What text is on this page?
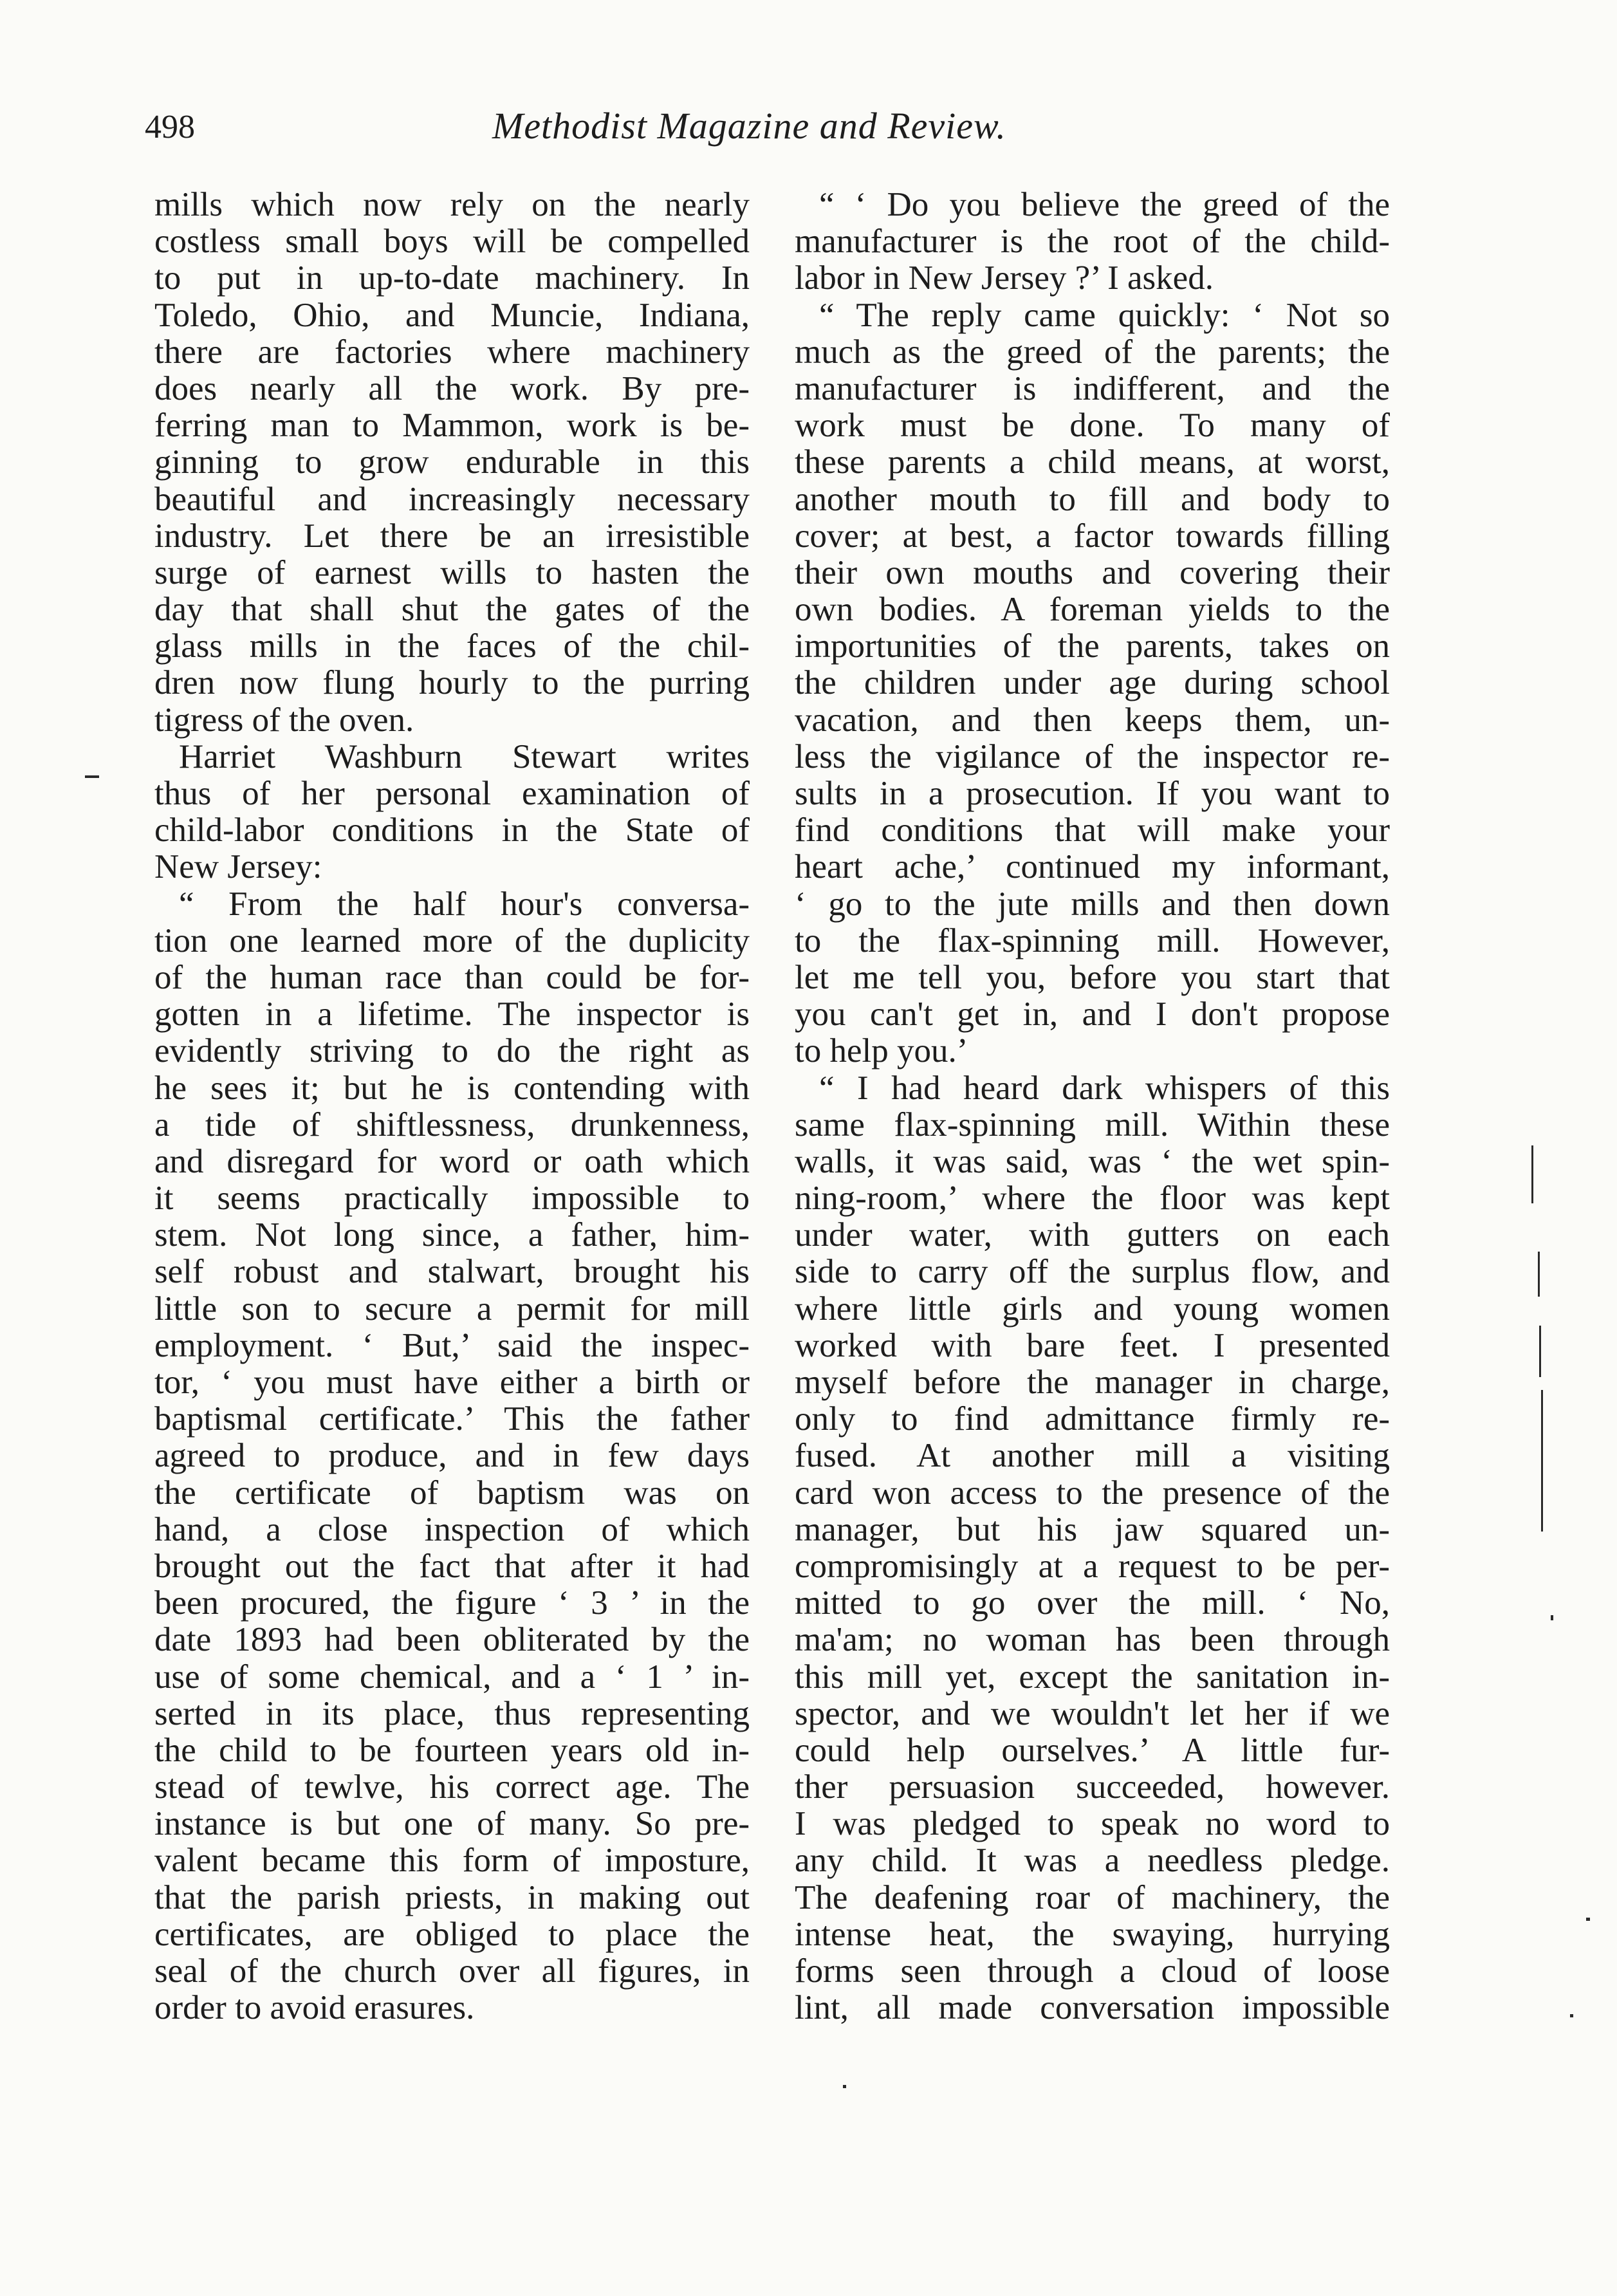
498	Methodist Magazine and Review.
mills which now rely on the nearly
costless small boys will be compelled
to put in up-to-date machinery. In
Toledo, Ohio, and Muncie, Indiana,
there are factories where machinery
does nearly all the work. By pre-
ferring man to Mammon, work is be-
ginning to grow endurable in this
beautiful and increasingly necessary
industry. Let there be an irresistible
surge of earnest wills to hasten the
day that shall shut the gates of the
glass mills in the faces of the chil-
dren now flung hourly to the purring
tigress of the oven.
Harriet Washburn Stewart writes
thus of her personal examination of
child-labor conditions in the State of
New Jersey:
“ From the half hour's conversa-
tion one learned more of the duplicity
of the human race than could be for-
gotten in a lifetime. The inspector is
evidently striving to do the right as
he sees it; but he is contending with
a tide of shiftlessness, drunkenness,
and disregard for word or oath which
it seems practically impossible to
stem. Not long since, a father, him-
self robust and stalwart, brought his
little son to secure a permit for mill
employment. ‘ But,’ said the inspec-
tor, ‘ you must have either a birth or
baptismal certificate.’ This the father
agreed to produce, and in few days
the certificate of baptism was on
hand, a close inspection of which
brought out the fact that after it had
been procured, the figure ‘ 3 ’ in the
date 1893 had been obliterated by the
use of some chemical, and a ‘ 1 ’ in-
serted in its place, thus representing
the child to be fourteen years old in-
stead of tewlve, his correct age. The
instance is but one of many. So pre-
valent became this form of imposture,
that the parish priests, in making out
certificates, are obliged to place the
seal of the church over all figures, in
order to avoid erasures.
“ ‘ Do you believe the greed of the
manufacturer is the root of the child-
labor in New Jersey ?’ I asked.
“ The reply came quickly: ‘ Not so
much as the greed of the parents; the
manufacturer is indifferent, and the
work must be done. To many of
these parents a child means, at worst,
another mouth to fill and body to
cover; at best, a factor towards filling
their own mouths and covering their
own bodies. A foreman yields to the
importunities of the parents, takes on
the children under age during school
vacation, and then keeps them, un-
less the vigilance of the inspector re-
sults in a prosecution. If you want to
find conditions that will make your
heart ache,’ continued my informant,
‘ go to the jute mills and then down
to the flax-spinning mill. However,
let me tell you, before you start that
you can't get in, and I don't propose
to help you.’
“ I had heard dark whispers of this
same flax-spinning mill. Within these
walls, it was said, was ‘ the wet spin-
ning-room,’ where the floor was kept
under water, with gutters on each
side to carry off the surplus flow, and
where little girls and young women
worked with bare feet. I presented
myself before the manager in charge,
only to find admittance firmly re-
fused. At another mill a visiting
card won access to the presence of the
manager, but his jaw squared un-
compromisingly at a request to be per-
mitted to go over the mill. ‘ No,
ma'am; no woman has been through
this mill yet, except the sanitation in-
spector, and we wouldn't let her if we
could help ourselves.’ A little fur-
ther persuasion succeeded, however.
I was pledged to speak no word to
any child. It was a needless pledge.
The deafening roar of machinery, the
intense heat, the swaying, hurrying
forms seen through a cloud of loose
lint, all made conversation impossible
